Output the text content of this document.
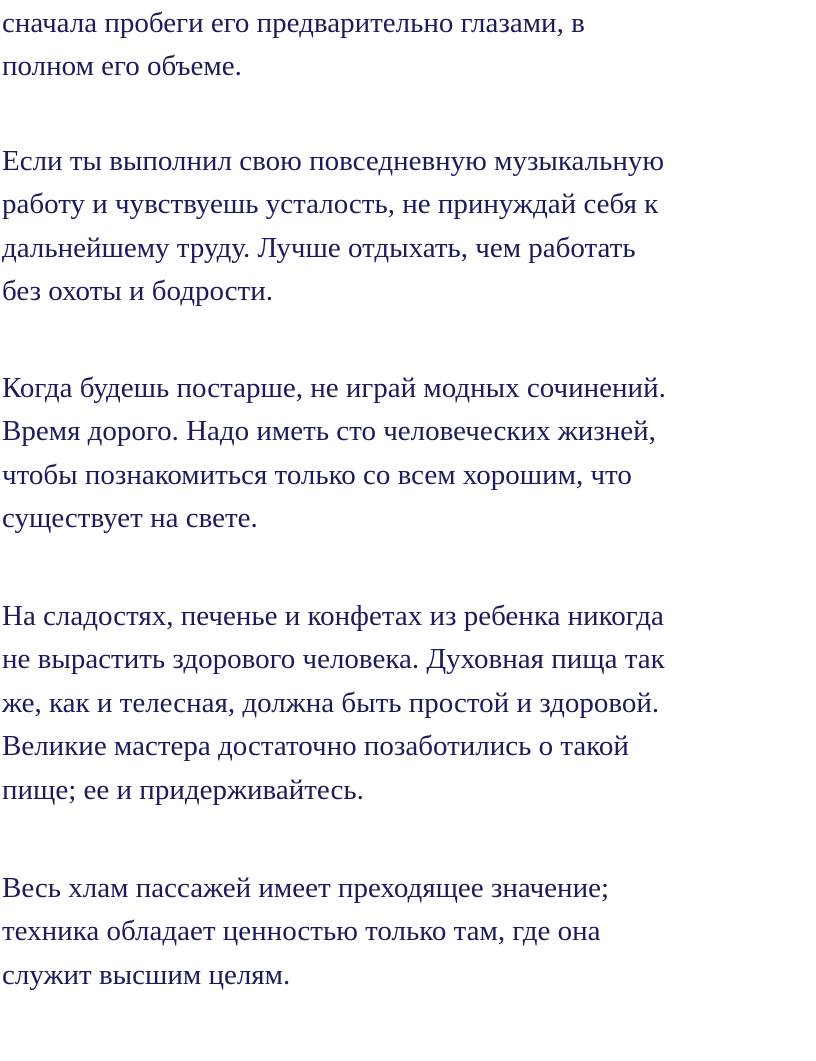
сначала пробеги его предварительно глазами, в
полном его объеме.

Если ты выполнил свою повседневную музыкальную
работу и чувствуешь усталость, не принуждай себя к
дальнейшему труду. Лучше отдыхать, чем работать
без охоты и бодрости.

Когда будешь постарше, не играй модных сочинений.
Время дорого. Надо иметь сто человеческих жизней,
чтобы познакомиться только со всем хорошим, что
существует на свете.

На сладостях, печенье и конфетах из ребенка никогда
не вырастить здорового человека. Духовная пища так
же, как и телесная, должна быть простой и здоровой.
Великие мастера достаточно позаботились о такой
пище; ее и придерживайтесь.

Весь хлам пассажей имеет преходящее значение;
техника обладает ценностью только там, где она
служит высшим целям.
